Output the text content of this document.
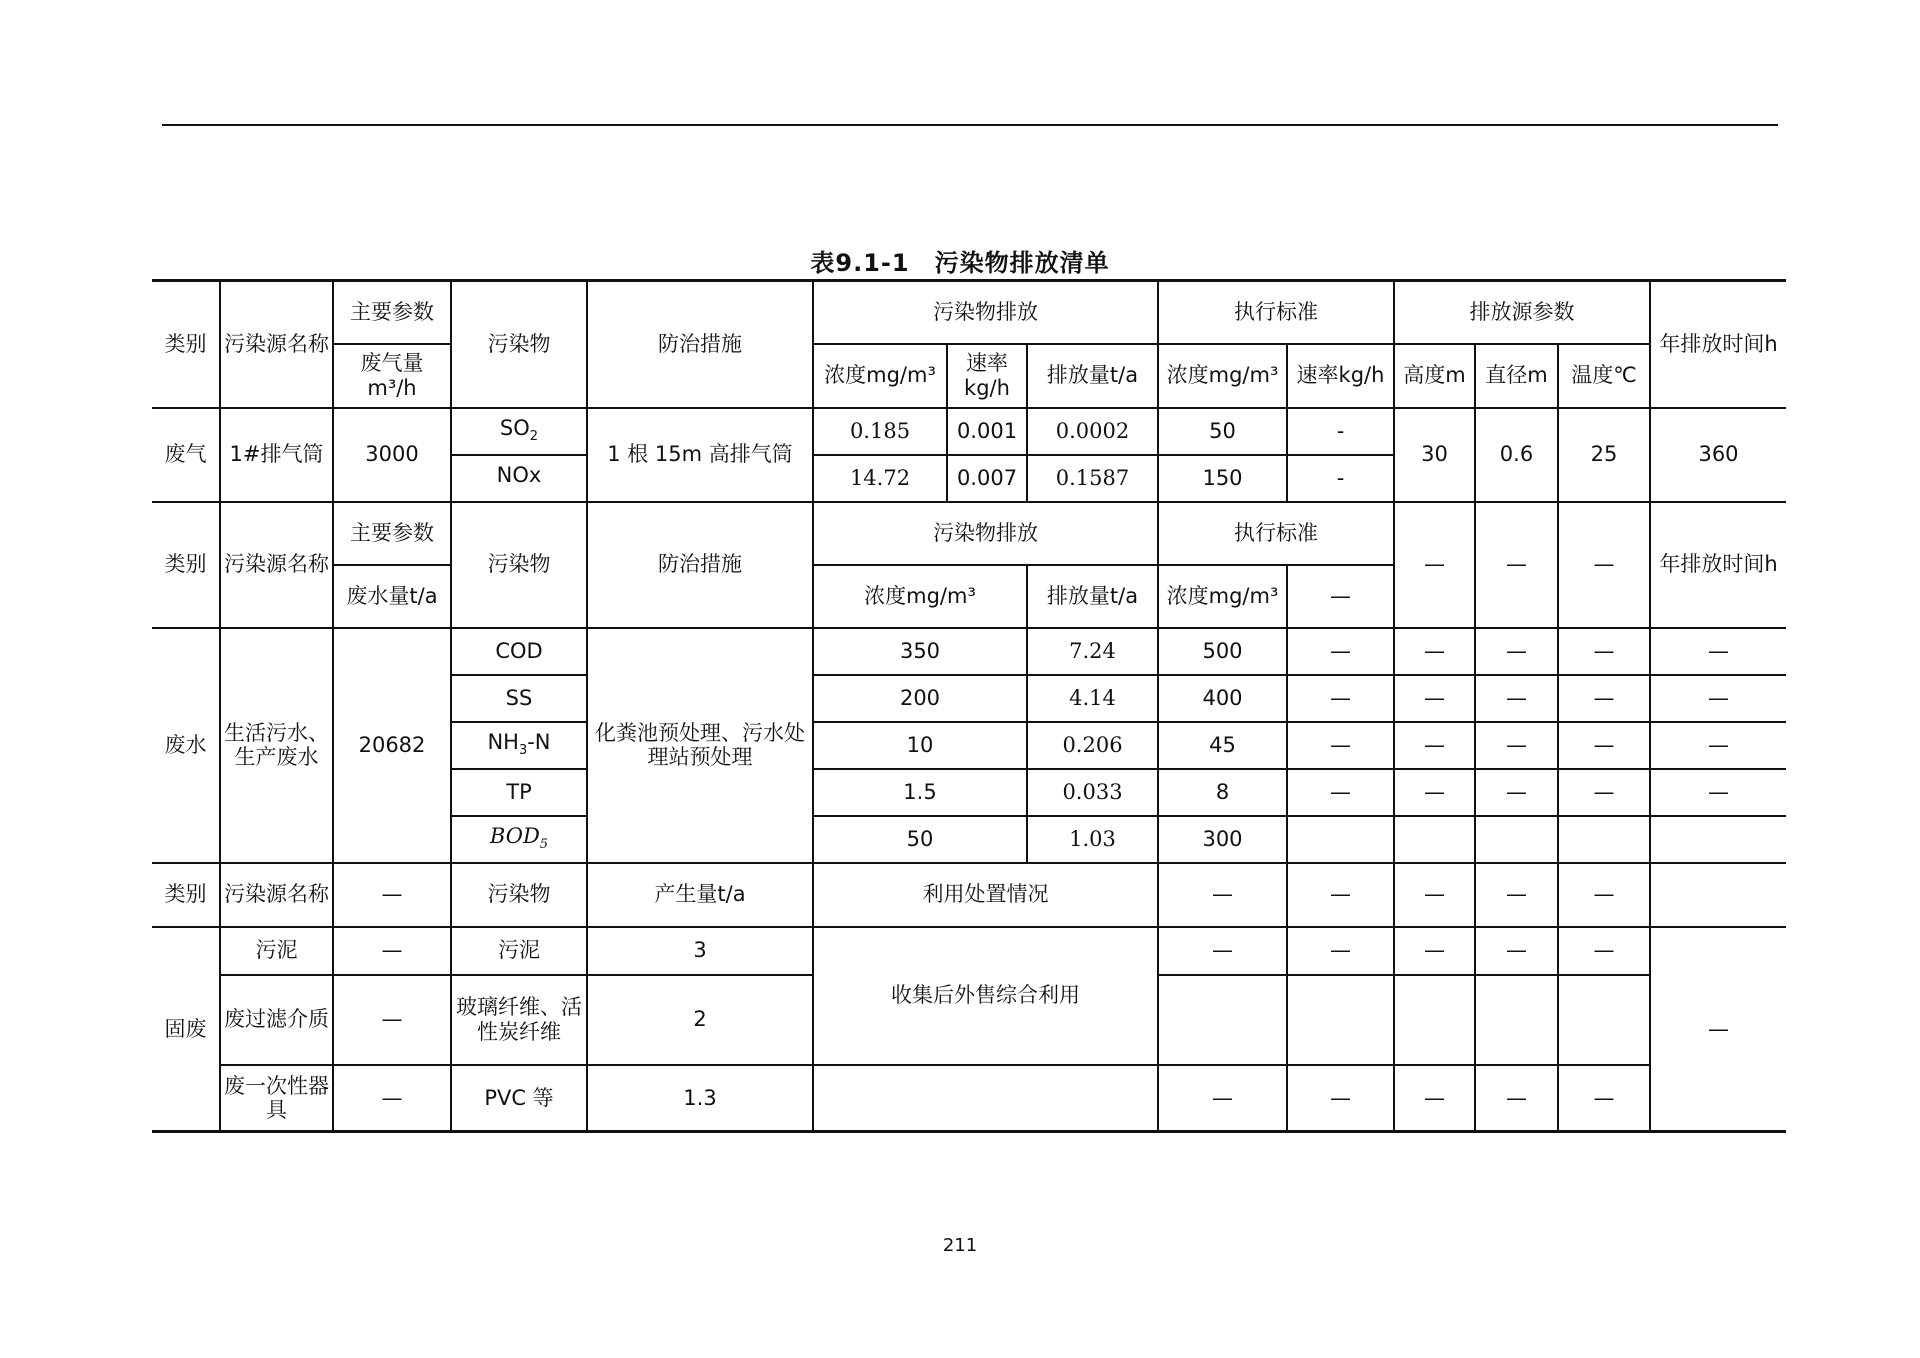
表9.1-1　污染物排放清单
类别	污染源名称	主要参数	污染物	防治措施	污染物排放			执行标准		排放源参数			年排放时间h
		废气量m³/h			浓度mg/m³	速率kg/h	排放量t/a	浓度mg/m³	速率kg/h	高度m	直径m	温度℃	
废气	1#排气筒	3000	$SO_2$	1 根 15m 高排气筒	0.185	0.001	0.0002	50	-	30	0.6	25	360
			NOx		14.72	0.007	0.1587	150	-				
类别	污染源名称	主要参数	污染物	防治措施	污染物排放			执行标准		—	—	—	年排放时间h
		废水量t/a			浓度mg/m³		排放量t/a	浓度mg/m³	—				
废水	生活污水、生产废水	20682	COD	化粪池预处理、污水处理站预处理	350		7.24	500	—	—	—	—	—
			SS		200		4.14	400	—	—	—	—	—
			$NH_3-N$		10		0.206	45	—	—	—	—	—
			TP		1.5		0.033	8	—	—	—	—	—
			$BOD_5$		50		1.03	300					
类别	污染源名称	—	污染物	产生量t/a	利用处置情况			—	—	—	—	—	
固废	污泥	—	污泥	3	收集后外售综合利用			—	—	—	—	—	—
	废过滤介质	—	玻璃纤维、活性炭纤维	2									
	废一次性器具	—	PVC 等	1.3				—	—	—	—	—	
211
